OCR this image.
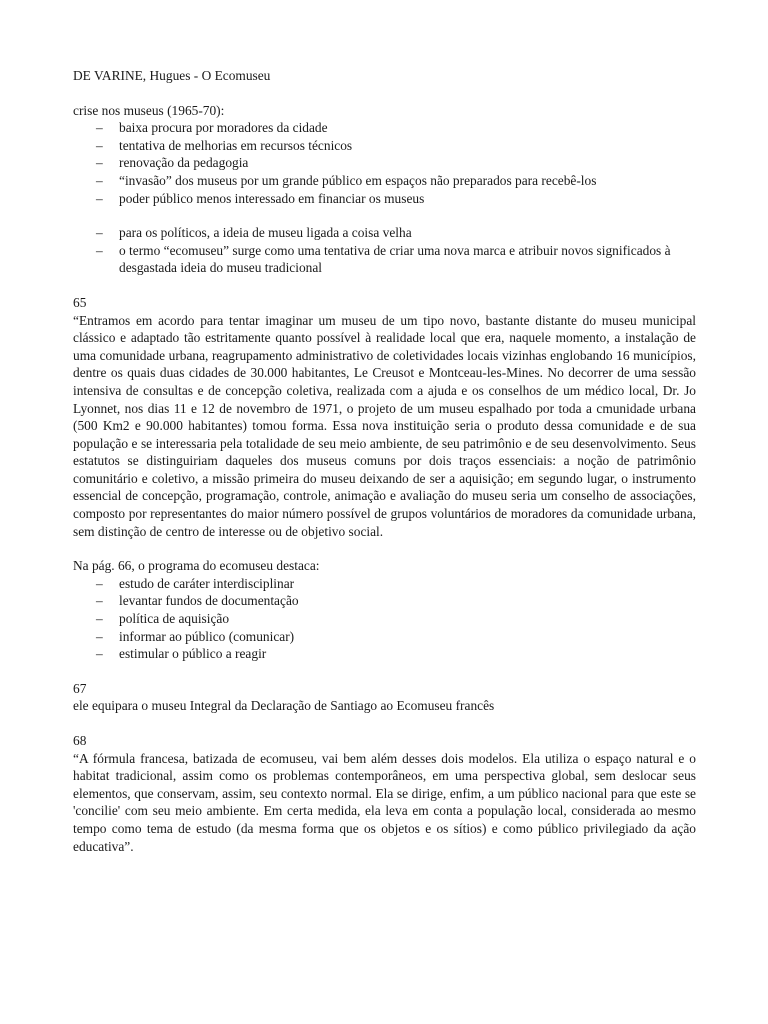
DE VARINE, Hugues - O Ecomuseu

crise nos museus (1965-70):

– baixa procura por moradores da cidade
– tentativa de melhorias em recursos técnicos
– renovação da pedagogia
– “invasão” dos museus por um grande público em espaços não preparados para recebê-los
– poder público menos interessado em financiar os museus
– para os políticos, a ideia de museu ligada a coisa velha
– o termo “ecomuseu” surge como uma tentativa de criar uma nova marca e atribuir novos significados à desgastada ideia do museu tradicional

65
“Entramos em acordo para tentar imaginar um museu de um tipo novo, bastante distante do museu municipal clássico e adaptado tão estritamente quanto possível à realidade local que era, naquele momento, a instalação de uma comunidade urbana, reagrupamento administrativo de coletividades locais vizinhas englobando 16 municípios, dentre os quais duas cidades de 30.000 habitantes, Le Creusot e Montceau-les-Mines. No decorrer de uma sessão intensiva de consultas e de concepção coletiva, realizada com a ajuda e os conselhos de um médico local, Dr. Jo Lyonnet, nos dias 11 e 12 de novembro de 1971, o projeto de um museu espalhado por toda a cmunidade urbana (500 Km2 e 90.000 habitantes) tomou forma. Essa nova instituição seria o produto dessa comunidade e de sua população e se interessaria pela totalidade de seu meio ambiente, de seu patrimônio e de seu desenvolvimento. Seus estatutos se distinguiriam daqueles dos museus comuns por dois traços essenciais: a noção de patrimônio comunitário e coletivo, a missão primeira do museu deixando de ser a aquisição; em segundo lugar, o instrumento essencial de concepção, programação, controle, animação e avaliação do museu seria um conselho de associações, composto por representantes do maior número possível de grupos voluntários de moradores da comunidade urbana, sem distinção de centro de interesse ou de objetivo social.

Na pág. 66, o programa do ecomuseu destaca:

– estudo de caráter interdisciplinar
– levantar fundos de documentação
– política de aquisição
– informar ao público (comunicar)
– estimular o público a reagir

67
ele equipara o museu Integral da Declaração de Santiago ao Ecomuseu francês

68
“A fórmula francesa, batizada de ecomuseu, vai bem além desses dois modelos. Ela utiliza o espaço natural e o habitat tradicional, assim como os problemas contemporâneos, em uma perspectiva global, sem deslocar seus elementos, que conservam, assim, seu contexto normal. Ela se dirige, enfim, a um público nacional para que este se 'concilie' com seu meio ambiente. Em certa medida, ela leva em conta a população local, considerada ao mesmo tempo como tema de estudo (da mesma forma que os objetos e os sítios) e como público privilegiado da ação educativa”.
